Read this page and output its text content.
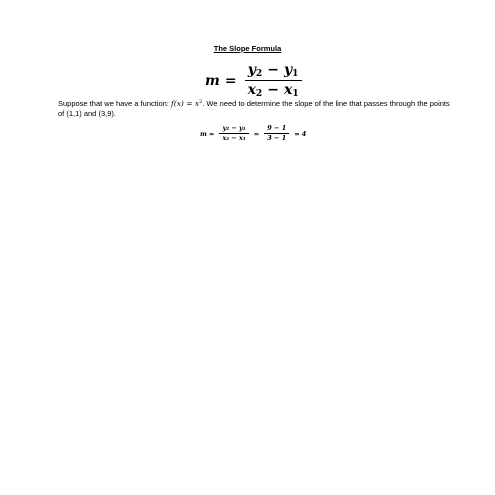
The Slope Formula
$m = \frac{y_2 - y_1}{x_2 - x_1}$
Suppose that we have a function: $f(x) = x^2$. We need to determine the slope of the line that passes through the points of (1,1) and (3,9).
$m = \frac{\text{y₂ − y₁}}{\text{x₂ − x₁}} = \frac{9 - 1}{3 - 1} = 4$
